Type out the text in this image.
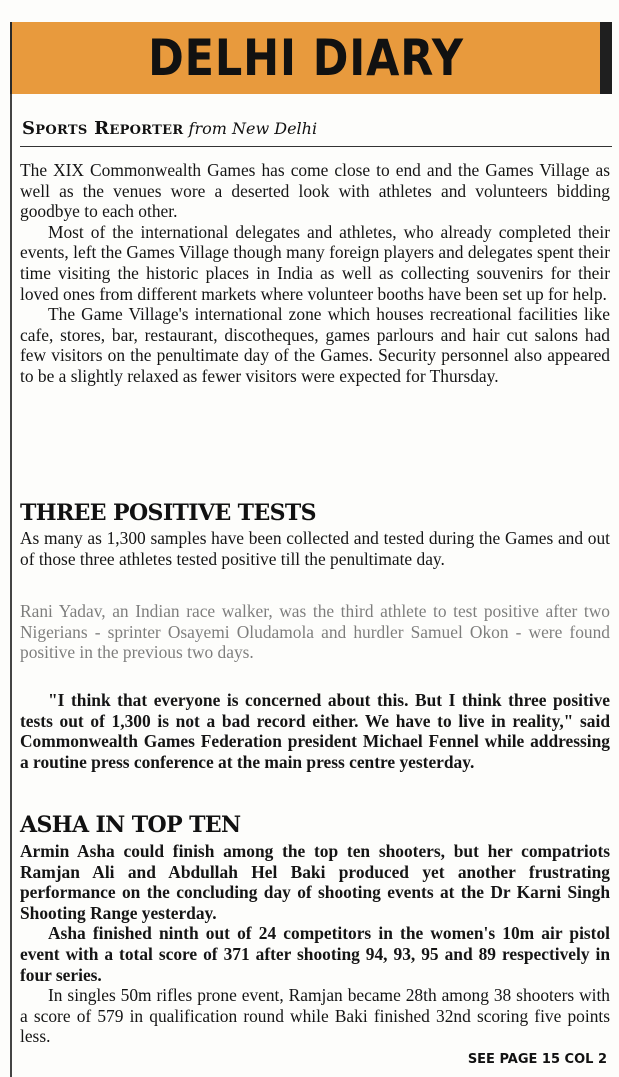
DELHI DIARY
Sports Reporter from New Delhi

The XIX Commonwealth Games has come close to end and the Games Village as well as the venues wore a deserted look with athletes and volunteers bidding goodbye to each other.

Most of the international delegates and athletes, who already completed their events, left the Games Village though many foreign players and delegates spent their time visiting the historic places in India as well as collecting souvenirs for their loved ones from different markets where volunteer booths have been set up for help.

The Game Village's international zone which houses recreational facilities like cafe, stores, bar, restaurant, discotheques, games parlours and hair cut salons had few visitors on the penultimate day of the Games. Security personnel also appeared to be a slightly relaxed as fewer visitors were expected for Thursday.

THREE POSITIVE TESTS

As many as 1,300 samples have been collected and tested during the Games and out of those three athletes tested positive till the penultimate day.

Rani Yadav, an Indian race walker, was the third athlete to test positive after two Nigerians - sprinter Osayemi Oludamola and hurdler Samuel Okon - were found positive in the previous two days.

"I think that everyone is concerned about this. But I think three positive tests out of 1,300 is not a bad record either. We have to live in reality," said Commonwealth Games Federation president Michael Fennel while addressing a routine press conference at the main press centre yesterday.

ASHA IN TOP TEN

Armin Asha could finish among the top ten shooters, but her compatriots Ramjan Ali and Abdullah Hel Baki produced yet another frustrating performance on the concluding day of shooting events at the Dr Karni Singh Shooting Range yesterday.

Asha finished ninth out of 24 competitors in the women's 10m air pistol event with a total score of 371 after shooting 94, 93, 95 and 89 respectively in four series.

In singles 50m rifles prone event, Ramjan became 28th among 38 shooters with a score of 579 in qualification round while Baki finished 32nd scoring five points less.

SEE PAGE 15 COL 2
